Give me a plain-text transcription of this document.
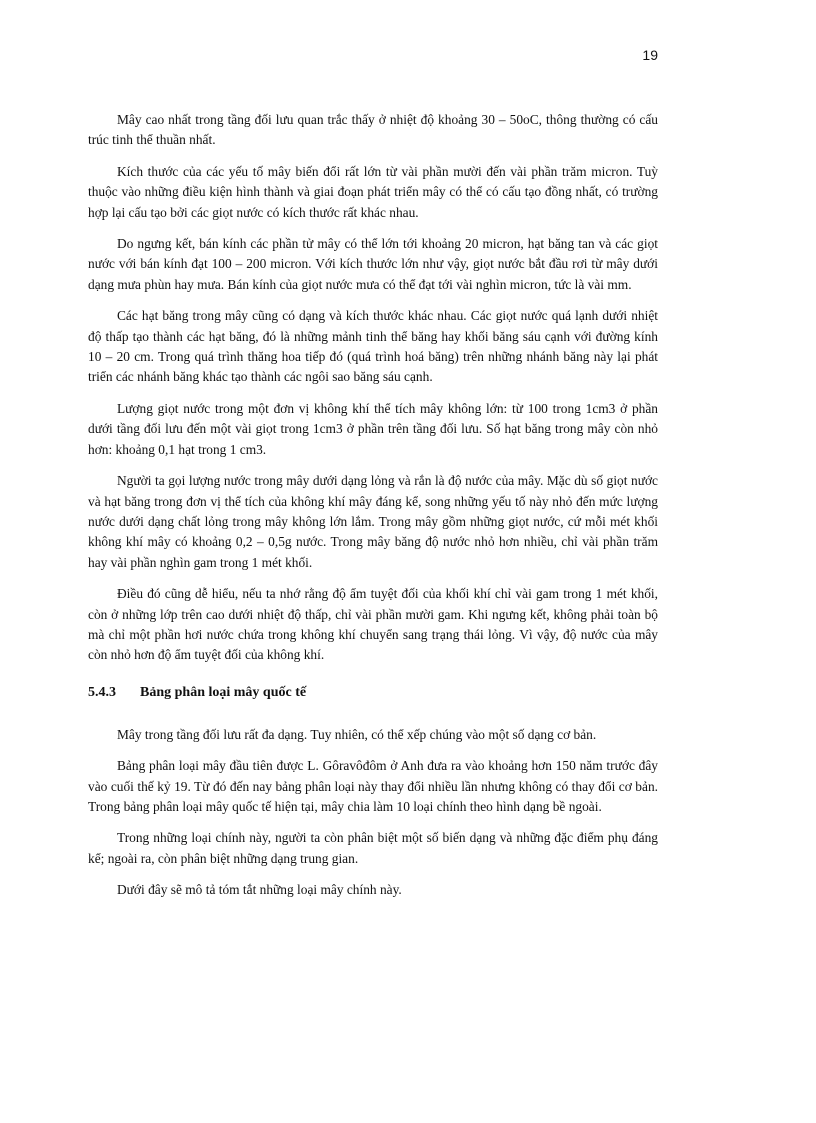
19

Mây cao nhất trong tầng đối lưu quan trắc thấy ở nhiệt độ khoảng 30 – 50oC, thông thường có cấu trúc tinh thể thuần nhất.

Kích thước của các yếu tố mây biến đổi rất lớn từ vài phần mười đến vài phần trăm micron. Tuỳ thuộc vào những điều kiện hình thành và giai đoạn phát triển mây có thể có cấu tạo đồng nhất, có trường hợp lại cấu tạo bởi các giọt nước có kích thước rất khác nhau.

Do ngưng kết, bán kính các phần tử mây có thể lớn tới khoảng 20 micron, hạt băng tan và các giọt nước với bán kính đạt 100 – 200 micron. Với kích thước lớn như vậy, giọt nước bắt đầu rơi từ mây dưới dạng mưa phùn hay mưa. Bán kính của giọt nước mưa có thể đạt tới vài nghìn micron, tức là vài mm.

Các hạt băng trong mây cũng có dạng và kích thước khác nhau. Các giọt nước quá lạnh dưới nhiệt độ thấp tạo thành các hạt băng, đó là những mảnh tinh thể băng hay khối băng sáu cạnh với đường kính 10 – 20 cm. Trong quá trình thăng hoa tiếp đó (quá trình hoá băng) trên những nhánh băng này lại phát triển các nhánh băng khác tạo thành các ngôi sao băng sáu cạnh.

Lượng giọt nước trong một đơn vị không khí thể tích mây không lớn: từ 100 trong 1cm3 ở phần dưới tầng đối lưu đến một vài giọt trong 1cm3 ở phần trên tầng đối lưu. Số hạt băng trong mây còn nhỏ hơn: khoảng 0,1 hạt trong 1 cm3.

Người ta gọi lượng nước trong mây dưới dạng lỏng và rắn là độ nước của mây. Mặc dù số giọt nước và hạt băng trong đơn vị thể tích của không khí mây đáng kể, song những yếu tố này nhỏ đến mức lượng nước dưới dạng chất lỏng trong mây không lớn lắm. Trong mây gồm những giọt nước, cứ mỗi mét khối không khí mây có khoảng 0,2 – 0,5g nước. Trong mây băng độ nước nhỏ hơn nhiều, chỉ vài phần trăm hay vài phần nghìn gam trong 1 mét khối.

Điều đó cũng dễ hiểu, nếu ta nhớ rằng độ ẩm tuyệt đối của khối khí chỉ vài gam trong 1 mét khối, còn ở những lớp trên cao dưới nhiệt độ thấp, chỉ vài phần mười gam. Khi ngưng kết, không phải toàn bộ mà chỉ một phần hơi nước chứa trong không khí chuyển sang trạng thái lỏng. Vì vậy, độ nước của mây còn nhỏ hơn độ ẩm tuyệt đối của không khí.

5.4.3 Bảng phân loại mây quốc tế

Mây trong tầng đối lưu rất đa dạng. Tuy nhiên, có thể xếp chúng vào một số dạng cơ bản.

Bảng phân loại mây đầu tiên được L. Gôravôđôm ở Anh đưa ra vào khoảng hơn 150 năm trước đây vào cuối thế kỷ 19. Từ đó đến nay bảng phân loại này thay đổi nhiều lần nhưng không có thay đổi cơ bản. Trong bảng phân loại mây quốc tế hiện tại, mây chia làm 10 loại chính theo hình dạng bề ngoài.

Trong những loại chính này, người ta còn phân biệt một số biến dạng và những đặc điểm phụ đáng kể; ngoài ra, còn phân biệt những dạng trung gian.

Dưới đây sẽ mô tả tóm tắt những loại mây chính này.
